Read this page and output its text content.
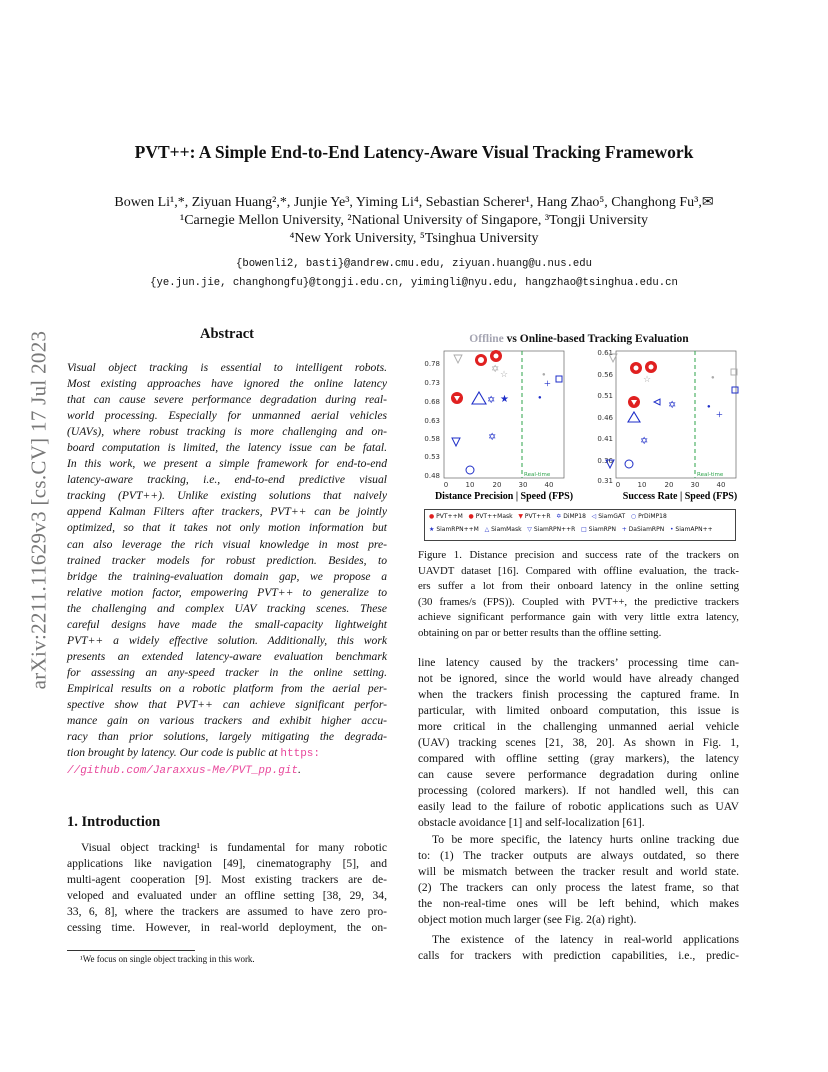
arXiv:2211.11629v3 [cs.CV] 17 Jul 2023
PVT++: A Simple End-to-End Latency-Aware Visual Tracking Framework
Bowen Li¹,*, Ziyuan Huang²,*, Junjie Ye³, Yiming Li⁴, Sebastian Scherer¹, Hang Zhao⁵, Changhong Fu³,✉
¹Carnegie Mellon University, ²National University of Singapore, ³Tongji University
⁴New York University, ⁵Tsinghua University
{bowenli2, basti}@andrew.cmu.edu, ziyuan.huang@u.nus.edu
{ye.jun.jie, changhongfu}@tongji.edu.cn, yimingli@nyu.edu, hangzhao@tsinghua.edu.cn
Abstract
Visual object tracking is essential to intelligent robots.
Most existing approaches have ignored the online latency
that can cause severe performance degradation during real-
world processing. Especially for unmanned aerial vehicles
(UAVs), where robust tracking is more challenging and on-
board computation is limited, the latency issue can be fatal.
In this work, we present a simple framework for end-to-end
latency-aware tracking, i.e., end-to-end predictive visual
tracking (PVT++). Unlike existing solutions that naively
append Kalman Filters after trackers, PVT++ can be jointly
optimized, so that it takes not only motion information but
can also leverage the rich visual knowledge in most pre-
trained tracker models for robust prediction. Besides, to
bridge the training-evaluation domain gap, we propose a
relative motion factor, empowering PVT++ to generalize to
the challenging and complex UAV tracking scenes. These
careful designs have made the small-capacity lightweight
PVT++ a widely effective solution. Additionally, this work
presents an extended latency-aware evaluation benchmark
for assessing an any-speed tracker in the online setting.
Empirical results on a robotic platform from the aerial per-
spective show that PVT++ can achieve significant perfor-
mance gain on various trackers and exhibit higher accu-
racy than prior solutions, largely mitigating the degrada-
tion brought by latency. Our code is public at https:
//github.com/Jaraxxus-Me/PVT_pp.git.
1. Introduction
Visual object tracking¹ is fundamental for many robotic
applications like navigation [49], cinematography [5], and
multi-agent cooperation [9]. Most existing trackers are de-
veloped and evaluated under an offline setting [38, 29, 34,
33, 6, 8], where the trackers are assumed to have zero pro-
cessing time. However, in real-world deployment, the on-
¹We focus on single object tracking in this work.
Offline vs Online-based Tracking Evaluation
0.78
0.73
0.68
0.63
0.58
0.53
0.48
0 10	20 30 40
Real-time
Distance Precision | Speed (FPS)
✡ ☆	●
+
✡ ★	●
✡
0.61
0.56
0.51
0.46
0.41
0.36
0.31 0 10	20 30 40
Real-time
Success Rate | Speed (FPS)
☆	●
✡	● +
✡
● PVT++M ● PVT++Mask ▼ PVT++R ✡ DiMP18 ◁ SiamGAT ○ PrDiMP18
★ SiamRPN++M △ SiamMask ▽ SiamRPN++R □ SiamRPN + DaSiamRPN • SiamAPN++
Figure 1. Distance precision and success rate of the trackers on
UAVDT dataset [16]. Compared with offline evaluation, the track-
ers suffer a lot from their onboard latency in the online setting
(30 frames/s (FPS)). Coupled with PVT++, the predictive trackers
achieve significant performance gain with very little extra latency,
obtaining on par or better results than the offline setting.
line latency caused by the trackers’ processing time can-
not be ignored, since the world would have already changed
when the trackers finish processing the captured frame. In
particular, with limited onboard computation, this issue is
more critical in the challenging unmanned aerial vehicle
(UAV) tracking scenes [21, 38, 20]. As shown in Fig. 1,
compared with offline setting (gray markers), the latency
can cause severe performance degradation during online
processing (colored markers). If not handled well, this can
easily lead to the failure of robotic applications such as UAV
obstacle avoidance [1] and self-localization [61].
To be more specific, the latency hurts online tracking due
to: (1) The tracker outputs are always outdated, so there
will be mismatch between the tracker result and world state.
(2) The trackers can only process the latest frame, so that
the non-real-time ones will be left behind, which makes
object motion much larger (see Fig. 2(a) right).
The existence of the latency in real-world applications
calls for trackers with prediction capabilities, i.e., predic-
